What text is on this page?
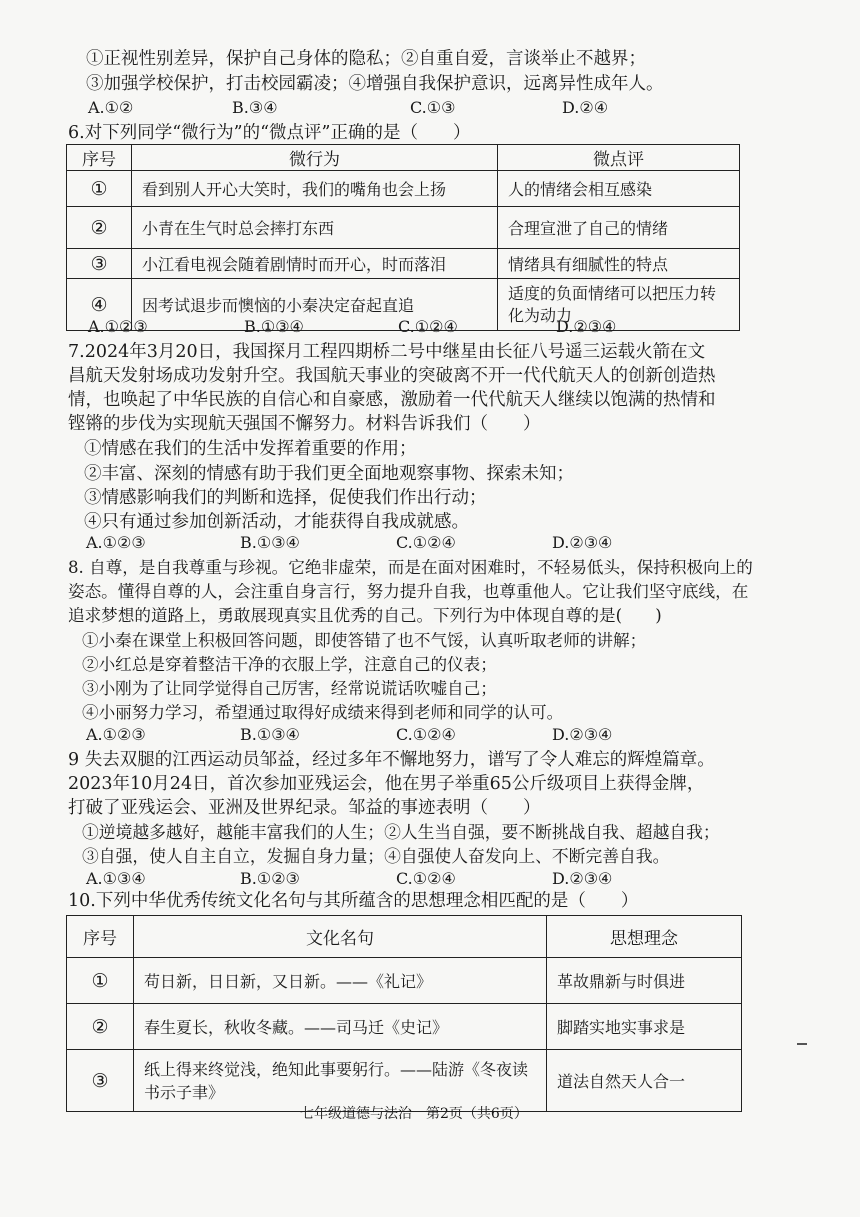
①正视性别差异，保护自己身体的隐私；②自重自爱，言谈举止不越界；
③加强学校保护，打击校园霸凌；④增强自我保护意识，远离异性成年人。
A.①②	B.③④	C.①③	D.②④
6.对下列同学“微行为”的“微点评”正确的是（　　）
序号	微行为	微点评
①	看到别人开心大笑时，我们的嘴角也会上扬	人的情绪会相互感染
②	小青在生气时总会摔打东西	合理宣泄了自己的情绪
③	小江看电视会随着剧情时而开心，时而落泪	情绪具有细腻性的特点
④	因考试退步而懊恼的小秦决定奋起直追	适度的负面情绪可以把压力转化为动力
A.①②③	B.①③④	C.①②④	D.②③④
7.2024年3月20日，我国探月工程四期桥二号中继星由长征八号遥三运载火箭在文
昌航天发射场成功发射升空。我国航天事业的突破离不开一代代航天人的创新创造热
情，也唤起了中华民族的自信心和自豪感，激励着一代代航天人继续以饱满的热情和
铿锵的步伐为实现航天强国不懈努力。材料告诉我们（　　）
①情感在我们的生活中发挥着重要的作用；
②丰富、深刻的情感有助于我们更全面地观察事物、探索未知；
③情感影响我们的判断和选择，促使我们作出行动；
④只有通过参加创新活动，才能获得自我成就感。
A.①②③	B.①③④	C.①②④	D.②③④
8. 自尊，是自我尊重与珍视。它绝非虚荣，而是在面对困难时，不轻易低头，保持积极向上的
姿态。懂得自尊的人，会注重自身言行，努力提升自我，也尊重他人。它让我们坚守底线，在
追求梦想的道路上，勇敢展现真实且优秀的自己。下列行为中体现自尊的是(　　)
①小秦在课堂上积极回答问题，即使答错了也不气馁，认真听取老师的讲解；
②小红总是穿着整洁干净的衣服上学，注意自己的仪表；
③小刚为了让同学觉得自己厉害，经常说谎话吹嘘自己；
④小丽努力学习，希望通过取得好成绩来得到老师和同学的认可。
A.①②③	B.①③④	C.①②④	D.②③④
9 失去双腿的江西运动员邹益，经过多年不懈地努力，谱写了令人难忘的辉煌篇章。
2023年10月24日，首次参加亚残运会，他在男子举重65公斤级项目上获得金牌，
打破了亚残运会、亚洲及世界纪录。邹益的事迹表明（　　）
①逆境越多越好，越能丰富我们的人生；②人生当自强，要不断挑战自我、超越自我；
③自强，使人自主自立，发掘自身力量；④自强使人奋发向上、不断完善自我。
A.①③④	B.①②③	C.①②④	D.②③④
10.下列中华优秀传统文化名句与其所蕴含的思想理念相匹配的是（　　）
序号	文化名句	思想理念
①	苟日新，日日新，又日新。——《礼记》	革故鼎新与时俱进
②	春生夏长，秋收冬藏。——司马迁《史记》	脚踏实地实事求是
③	纸上得来终觉浅，绝知此事要躬行。——陆游《冬夜读书示子聿》	道法自然天人合一
七年级道德与法治　第2页（共6页）
